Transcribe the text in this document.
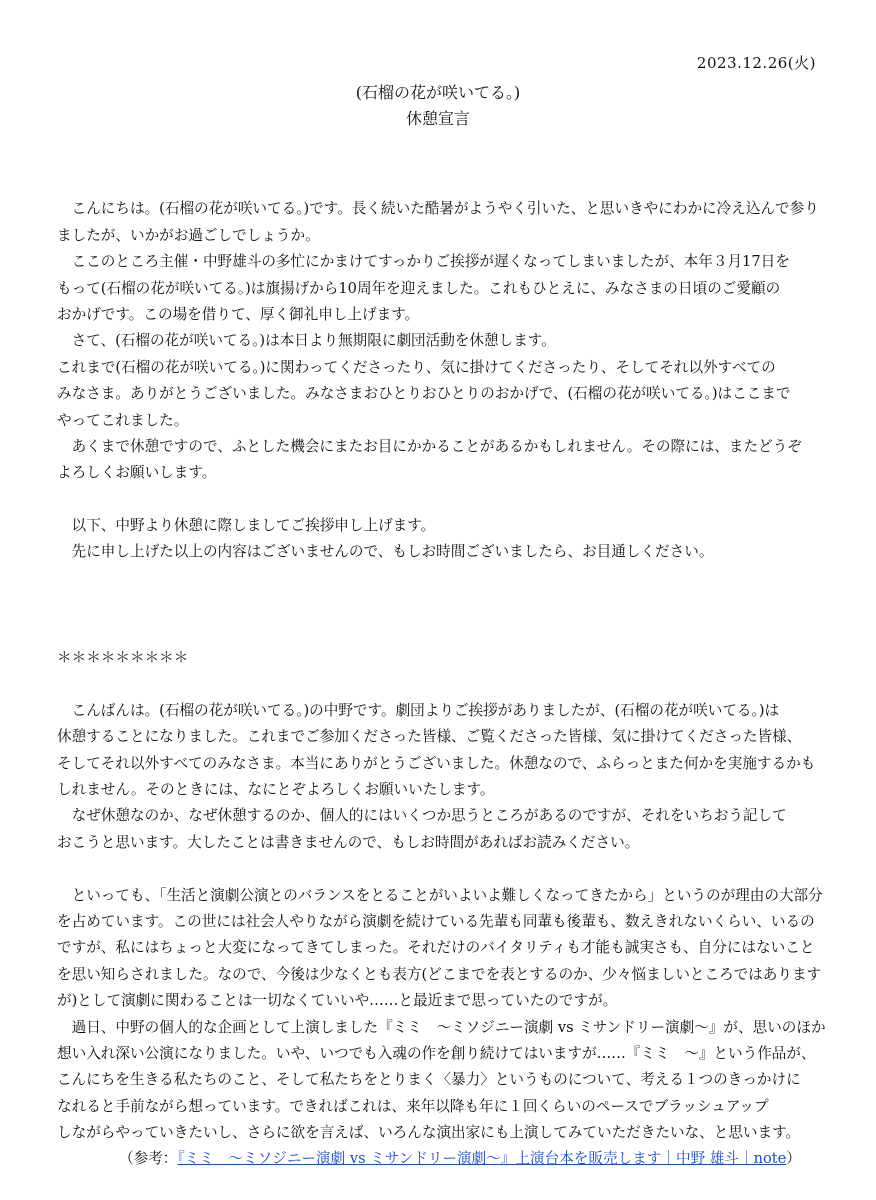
2023.12.26(火)
(石榴の花が咲いてる。)
休憩宣言
　こんにちは。(石榴の花が咲いてる。)です。長く続いた酷暑がようやく引いた、と思いきやにわかに冷え込んで参り
ましたが、いかがお過ごしでしょうか。
　ここのところ主催・中野雄斗の多忙にかまけてすっかりご挨拶が遅くなってしまいましたが、本年３月17日を
もって(石榴の花が咲いてる。)は旗揚げから10周年を迎えました。これもひとえに、みなさまの日頃のご愛顧の
おかげです。この場を借りて、厚く御礼申し上げます。
　さて、(石榴の花が咲いてる。)は本日より無期限に劇団活動を休憩します。
これまで(石榴の花が咲いてる。)に関わってくださったり、気に掛けてくださったり、そしてそれ以外すべての
みなさま。ありがとうございました。みなさまおひとりおひとりのおかげで、(石榴の花が咲いてる。)はここまで
やってこれました。
　あくまで休憩ですので、ふとした機会にまたお目にかかることがあるかもしれません。その際には、またどうぞ
よろしくお願いします。
　以下、中野より休憩に際しましてご挨拶申し上げます。
　先に申し上げた以上の内容はございませんので、もしお時間ございましたら、お目通しください。
＊＊＊＊＊＊＊＊＊
　こんばんは。(石榴の花が咲いてる。)の中野です。劇団よりご挨拶がありましたが、(石榴の花が咲いてる。)は
休憩することになりました。これまでご参加くださった皆様、ご覧くださった皆様、気に掛けてくださった皆様、
そしてそれ以外すべてのみなさま。本当にありがとうございました。休憩なので、ふらっとまた何かを実施するかも
しれません。そのときには、なにとぞよろしくお願いいたします。
　なぜ休憩なのか、なぜ休憩するのか、個人的にはいくつか思うところがあるのですが、それをいちおう記して
おこうと思います。大したことは書きませんので、もしお時間があればお読みください。
　といっても、「生活と演劇公演とのバランスをとることがいよいよ難しくなってきたから」というのが理由の大部分
を占めています。この世には社会人やりながら演劇を続けている先輩も同輩も後輩も、数えきれないくらい、いるの
ですが、私にはちょっと大変になってきてしまった。それだけのバイタリティも才能も誠実さも、自分にはないこと
を思い知らされました。なので、今後は少なくとも表方(どこまでを表とするのか、少々悩ましいところではあります
が)として演劇に関わることは一切なくていいや……と最近まで思っていたのですが。
　過日、中野の個人的な企画として上演しました『ミミ　〜ミソジニー演劇 vs ミサンドリー演劇〜』が、思いのほか
想い入れ深い公演になりました。いや、いつでも入魂の作を創り続けてはいますが……『ミミ　〜』という作品が、
こんにちを生きる私たちのこと、そして私たちをとりまく〈暴力〉というものについて、考える１つのきっかけに
なれると手前ながら想っています。できればこれは、来年以降も年に１回くらいのペースでブラッシュアップ
しながらやっていきたいし、さらに欲を言えば、いろんな演出家にも上演してみていただきたいな、と思います。
（参考：『ミミ　〜ミソジニー演劇 vs ミサンドリー演劇〜』上演台本を販売します｜中野 雄斗｜note）
